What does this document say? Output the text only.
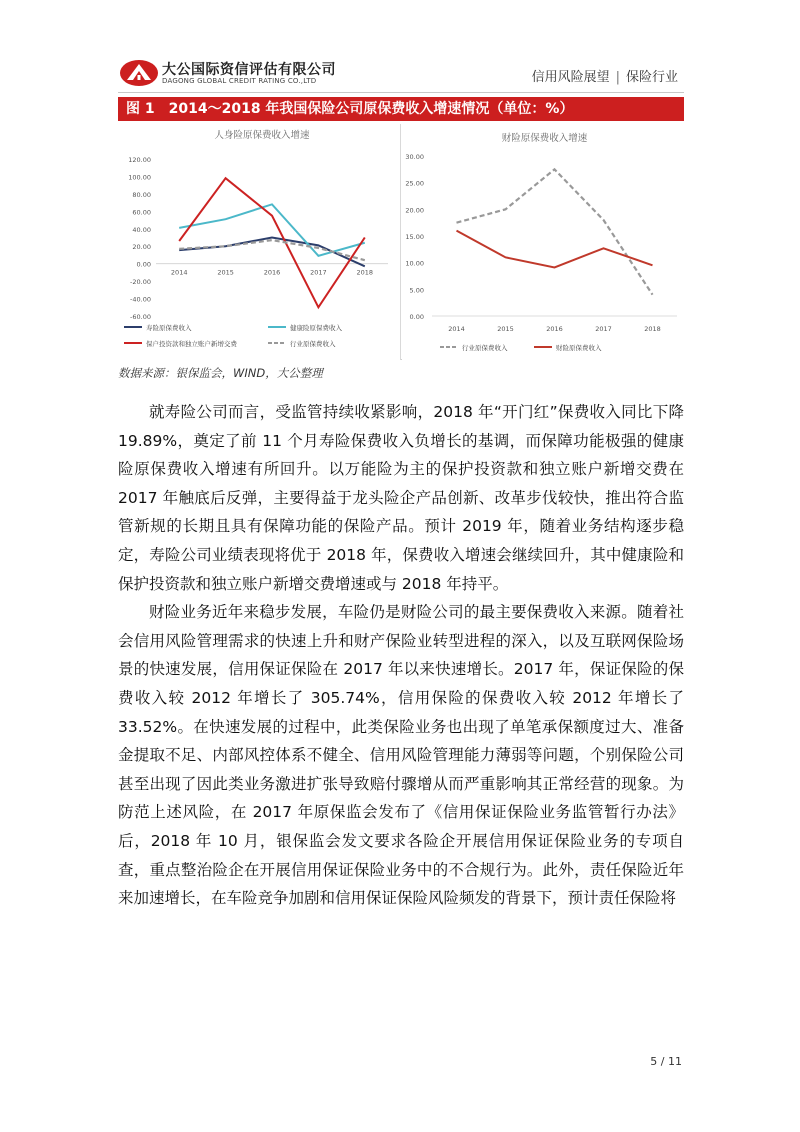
大公国际资信评估有限公司
DAGONG GLOBAL CREDIT RATING CO.,LTD	信用风险展望 | 保险行业
图 1 2014～2018 年我国保险公司原保费收入增速情况（单位：%）
人身险原保费收入增速
120.00
100.00
80.00
60.00
40.00
20.00
0.00
-20.00
-40.00
-60.00
2014	2015	2016	2017	2018
寿险原保费收入	健康险原保费收入
保户投资款和独立账户新增交费	行业原保费收入
财险原保费收入增速
30.00
25.00
20.00
15.00
10.00
5.00
0.00
2014	2015	2016	2017	2018
行业原保费收入	财险原保费收入
数据来源：银保监会，WIND，大公整理

就寿险公司而言，受监管持续收紧影响，2018 年“开门红”保费收入同比下降 19.89%，奠定了前 11 个月寿险保费收入负增长的基调，而保障功能极强的健康险原保费收入增速有所回升。以万能险为主的保护投资款和独立账户新增交费在 2017 年触底后反弹，主要得益于龙头险企产品创新、改革步伐较快，推出符合监管新规的长期且具有保障功能的保险产品。预计 2019 年，随着业务结构逐步稳定，寿险公司业绩表现将优于 2018 年，保费收入增速会继续回升，其中健康险和保护投资款和独立账户新增交费增速或与 2018 年持平。

财险业务近年来稳步发展，车险仍是财险公司的最主要保费收入来源。随着社会信用风险管理需求的快速上升和财产保险业转型进程的深入，以及互联网保险场景的快速发展，信用保证保险在 2017 年以来快速增长。2017 年，保证保险的保费收入较 2012 年增长了 305.74%，信用保险的保费收入较 2012 年增长了 33.52%。在快速发展的过程中，此类保险业务也出现了单笔承保额度过大、准备金提取不足、内部风控体系不健全、信用风险管理能力薄弱等问题，个别保险公司甚至出现了因此类业务激进扩张导致赔付骤增从而严重影响其正常经营的现象。为防范上述风险，在 2017 年原保监会发布了《信用保证保险业务监管暂行办法》后，2018 年 10 月，银保监会发文要求各险企开展信用保证保险业务的专项自查，重点整治险企在开展信用保证保险业务中的不合规行为。此外，责任保险近年来加速增长，在车险竞争加剧和信用保证保险风险频发的背景下，预计责任保险将

5 / 11
